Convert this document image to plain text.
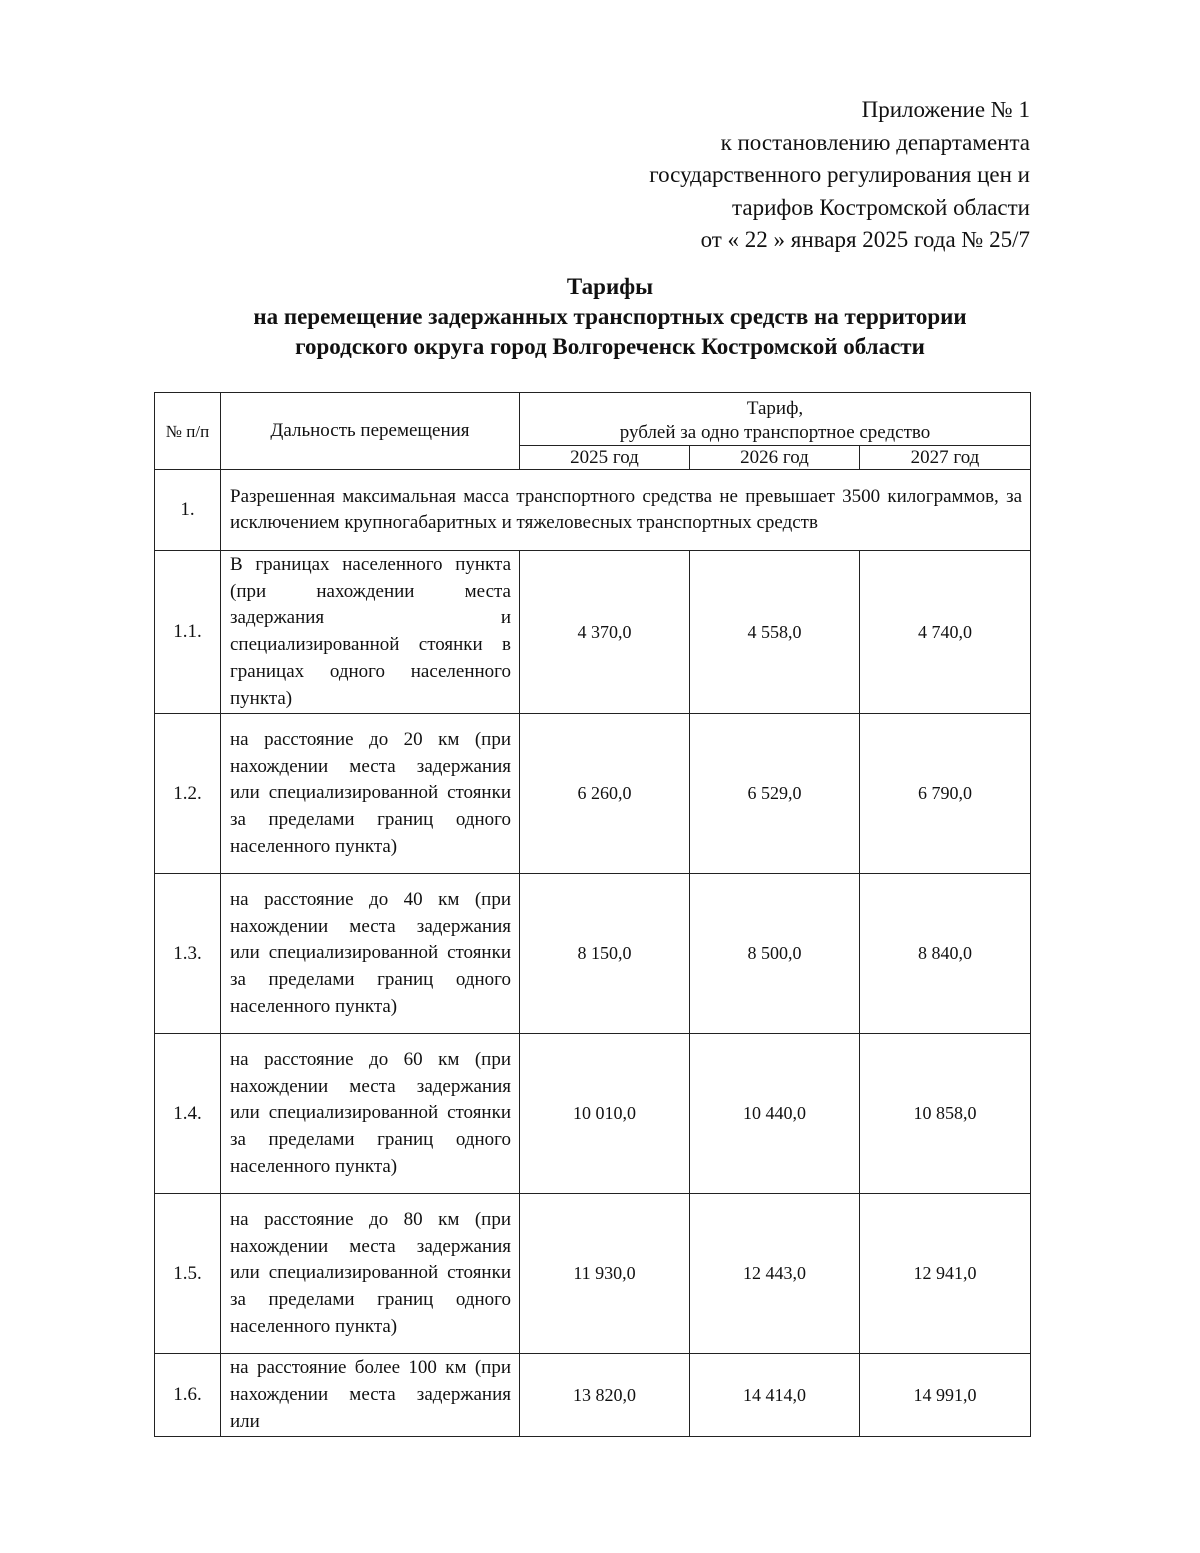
Приложение № 1
к постановлению департамента
государственного регулирования цен и
тарифов Костромской области
от « 22 » января 2025 года № 25/7
Тарифы
на перемещение задержанных транспортных средств на территории
городского округа город Волгореченск Костромской области
№ п/п	Дальность перемещения	Тариф,
рублей за одно транспортное средство		

		2025 год	2026 год	2027 год
1.	Разрешенная максимальная масса транспортного средства не превышает 3500 килограммов, за исключением крупногабаритных и тяжеловесных транспортных средств			
1.1.	В границах населенного пункта (при нахождении места задержания и специализированной стоянки в границах одного населенного пункта)	4 370,0	4 558,0	4 740,0
1.2.	на расстояние до 20 км (при нахождении места задержания или специализированной стоянки за пределами границ одного населенного пункта)	6 260,0	6 529,0	6 790,0
1.3.	на расстояние до 40 км (при нахождении места задержания или специализированной стоянки за пределами границ одного населенного пункта)	8 150,0	8 500,0	8 840,0
1.4.	на расстояние до 60 км (при нахождении места задержания или специализированной стоянки за пределами границ одного населенного пункта)	10 010,0	10 440,0	10 858,0
1.5.	на расстояние до 80 км (при нахождении места задержания или специализированной стоянки за пределами границ одного населенного пункта)	11 930,0	12 443,0	12 941,0
1.6.	на расстояние более 100 км (при нахождении места задержания или	13 820,0	14 414,0	14 991,0
